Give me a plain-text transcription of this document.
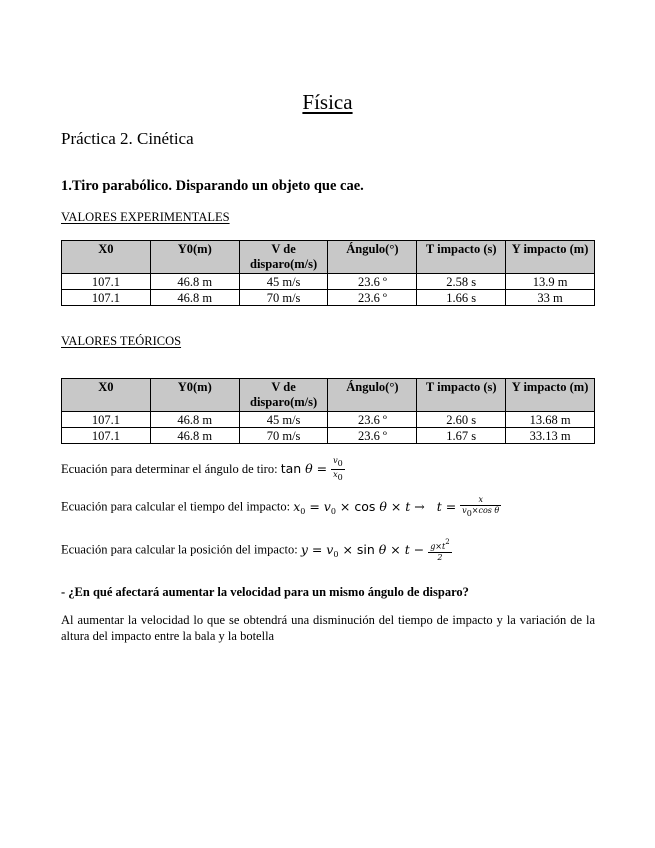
Física
Práctica 2. Cinética
1.Tiro parabólico. Disparando un objeto que cae.
VALORES EXPERIMENTALES
X0	Y0(m)	V de disparo(m/s)	Ángulo(°)	T impacto (s)	Y impacto (m)
107.1	46.8 m	45 m/s	23.6 º	2.58 s	13.9 m
107.1	46.8 m	70 m/s	23.6 º	1.66 s	33 m
VALORES TEÓRICOS
X0	Y0(m)	V de disparo(m/s)	Ángulo(°)	T impacto (s)	Y impacto (m)
107.1	46.8 m	45 m/s	23.6 º	2.60 s	13.68 m
107.1	46.8 m	70 m/s	23.6 º	1.67 s	33.13 m
Ecuación para determinar el ángulo de tiro: $\tan \theta = \frac{v0}{x0}$
Ecuación para calcular el tiempo del impacto: $x_0 = v_0 \times \cos \theta \times t \to t = \frac{x}{\text{v0×cos θ}}$
Ecuación para calcular la posición del impacto: $y = v_0 \times \sin \theta \times t - \frac{g\times t2}{2}$
- ¿En qué afectará aumentar la velocidad para un mismo ángulo de disparo?
Al aumentar la velocidad lo que se obtendrá una disminución del tiempo de impacto y la variación de la altura del impacto entre la bala y la botella
